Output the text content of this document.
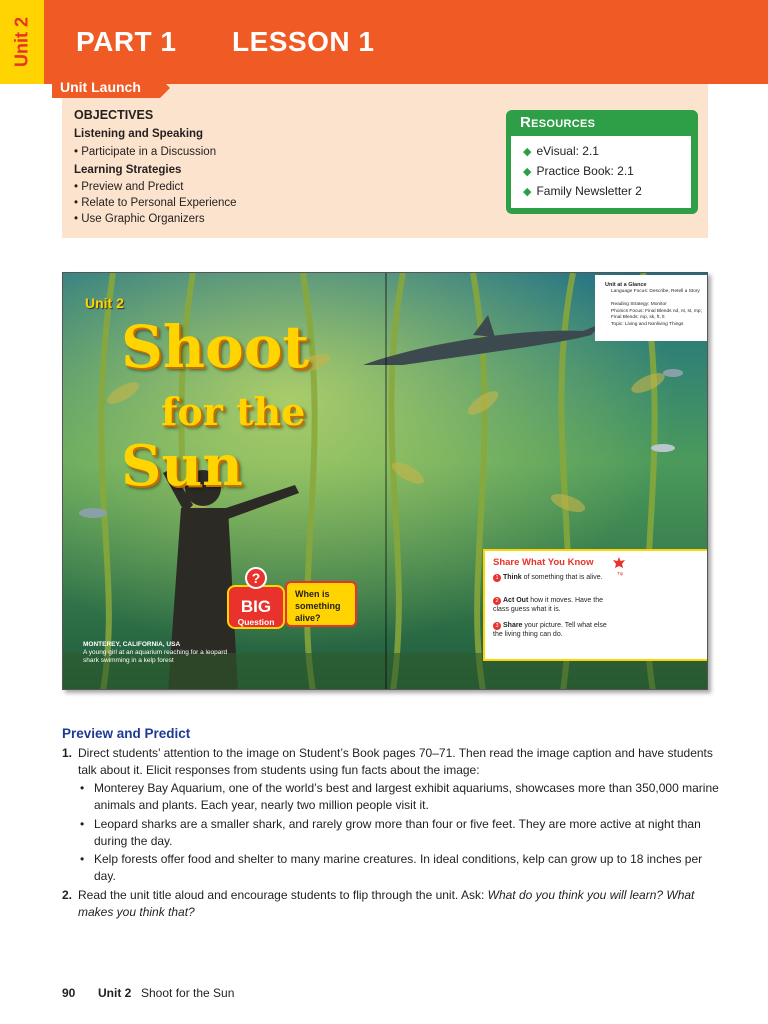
Unit 2 PART 1 LESSON 1
Unit Launch
OBJECTIVES
Listening and Speaking
• Participate in a Discussion
Learning Strategies
• Preview and Predict
• Relate to Personal Experience
• Use Graphic Organizers
Resources
◆ eVisual: 2.1
◆ Practice Book: 2.1
◆ Family Newsletter 2
Unit 2
Shoot
for the
Sun
MONTEREY, CALIFORNIA, USA
A young girl at an aquarium reaching for a leopard shark swimming in a kelp forest
When is something alive?
BIG
Question
?
Unit at a Glance
Language Focus: Describe, Retell a Story
Reading Strategy: Monitor
Phonics Focus: Final Blends nd, nt, st, mp; Final Blends: mp, sk, ft, lt
Topic: Living and Nonliving Things
Share What You Know
Tip
1 Think of something that is alive.
2 Act Out how it moves. Have the class guess what it is.
3 Share your picture. Tell what else the living thing can do.
Preview and Predict
1. Direct students’ attention to the image on Student’s Book pages 70–71. Then read the image caption and have students
talk about it. Elicit responses from students using fun facts about the image:
• Monterey Bay Aquarium, one of the world’s best and largest exhibit aquariums, showcases more than 350,000 marine
animals and plants. Each year, nearly two million people visit it.
• Leopard sharks are a smaller shark, and rarely grow more than four or five feet. They are more active at night than
during the day.
• Kelp forests offer food and shelter to many marine creatures. In ideal conditions, kelp can grow up to 18 inches per
day.
2. Read the unit title aloud and encourage students to flip through the unit. Ask: What do you think you will learn? What
makes you think that?
90 Unit 2 Shoot for the Sun
